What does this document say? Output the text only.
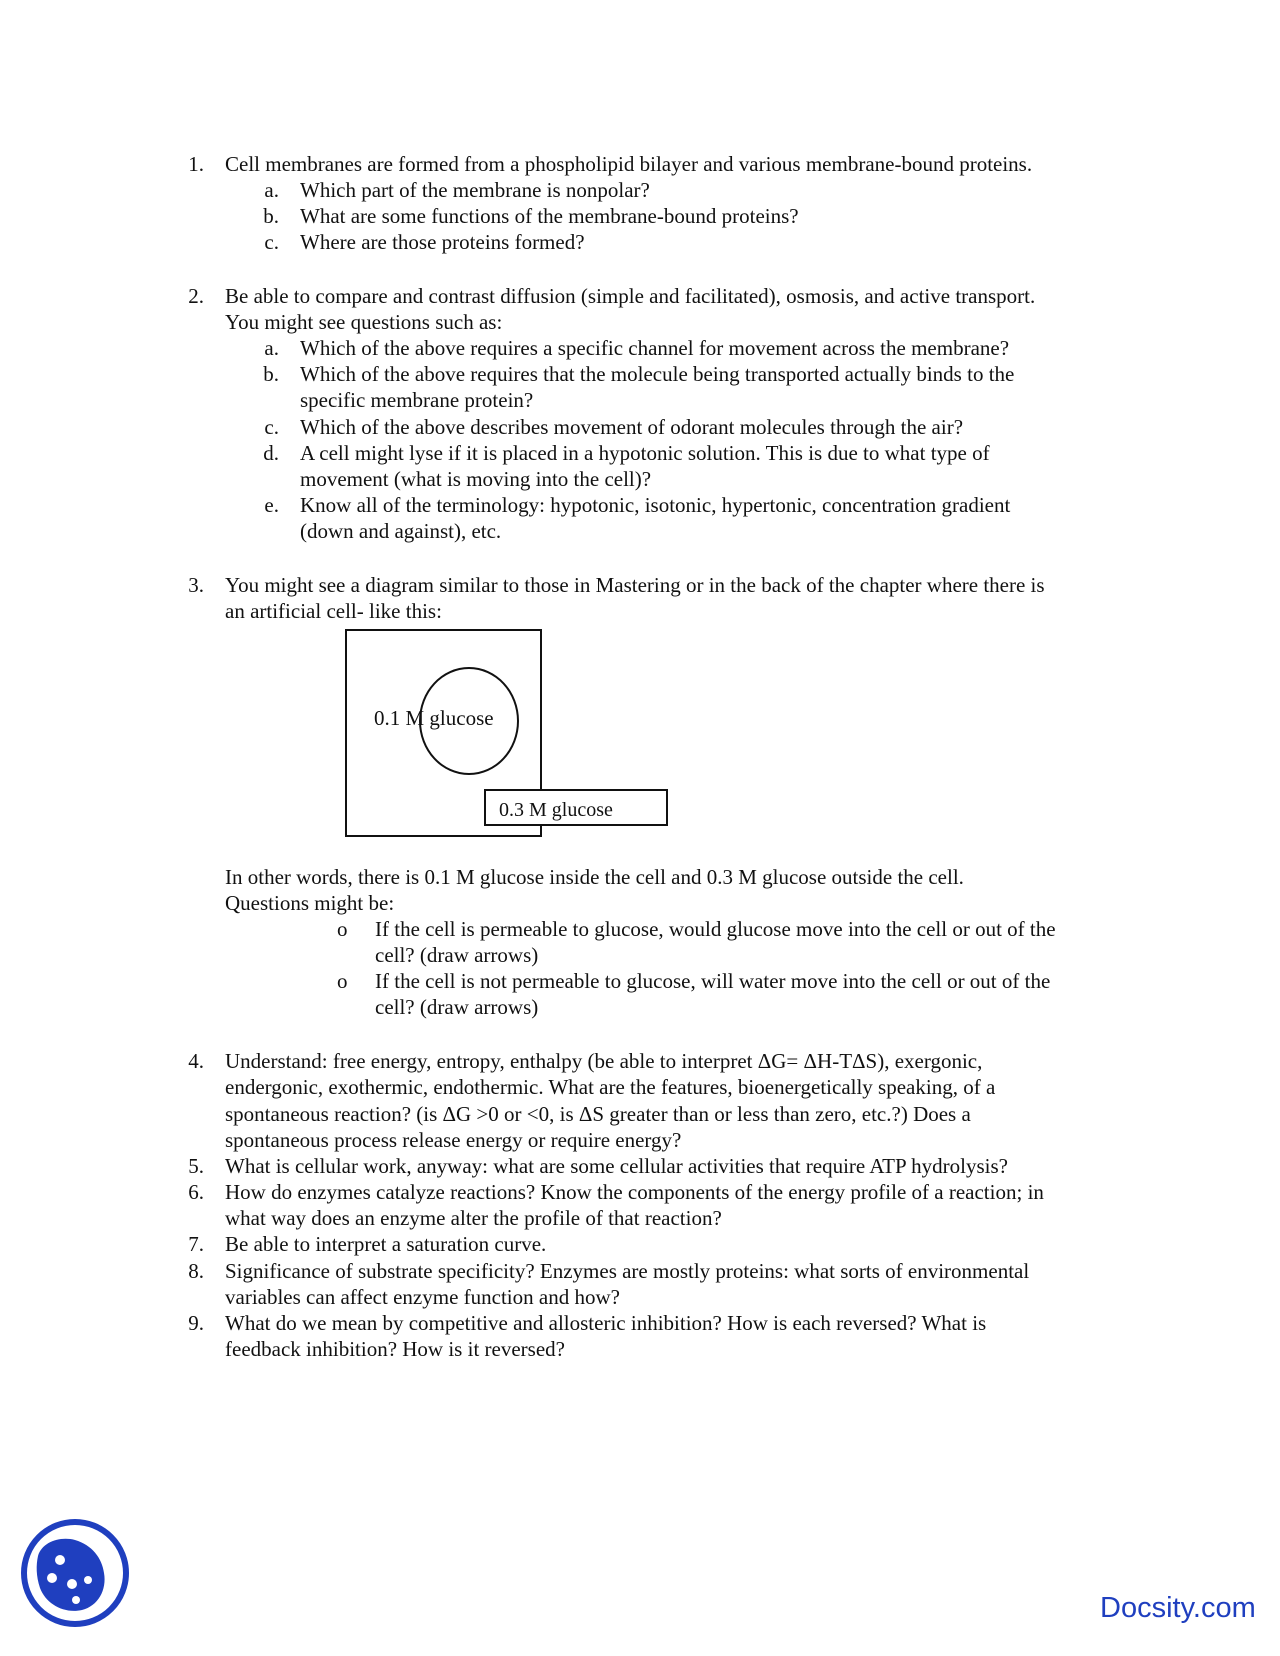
1. Cell membranes are formed from a phospholipid bilayer and various membrane-bound proteins.
a. Which part of the membrane is nonpolar?
b. What are some functions of the membrane-bound proteins?
c. Where are those proteins formed?
2. Be able to compare and contrast diffusion (simple and facilitated), osmosis, and active transport.
You might see questions such as:
a. Which of the above requires a specific channel for movement across the membrane?
b. Which of the above requires that the molecule being transported actually binds to the
specific membrane protein?
c. Which of the above describes movement of odorant molecules through the air?
d. A cell might lyse if it is placed in a hypotonic solution. This is due to what type of
movement (what is moving into the cell)?
e. Know all of the terminology: hypotonic, isotonic, hypertonic, concentration gradient
(down and against), etc.
3. You might see a diagram similar to those in Mastering or in the back of the chapter where there is
an artificial cell- like this:
0.1 M glucose
0.3 M glucose
In other words, there is 0.1 M glucose inside the cell and 0.3 M glucose outside the cell.
Questions might be:
o If the cell is permeable to glucose, would glucose move into the cell or out of the
cell? (draw arrows)
o If the cell is not permeable to glucose, will water move into the cell or out of the
cell? (draw arrows)
4. Understand: free energy, entropy, enthalpy (be able to interpret ΔG= ΔH-TΔS), exergonic,
endergonic, exothermic, endothermic. What are the features, bioenergetically speaking, of a
spontaneous reaction? (is ΔG >0 or <0, is ΔS greater than or less than zero, etc.?) Does a
spontaneous process release energy or require energy?
5. What is cellular work, anyway: what are some cellular activities that require ATP hydrolysis?
6. How do enzymes catalyze reactions? Know the components of the energy profile of a reaction; in
what way does an enzyme alter the profile of that reaction?
7. Be able to interpret a saturation curve.
8. Significance of substrate specificity? Enzymes are mostly proteins: what sorts of environmental
variables can affect enzyme function and how?
9. What do we mean by competitive and allosteric inhibition? How is each reversed? What is
feedback inhibition? How is it reversed?
Docsity.com
